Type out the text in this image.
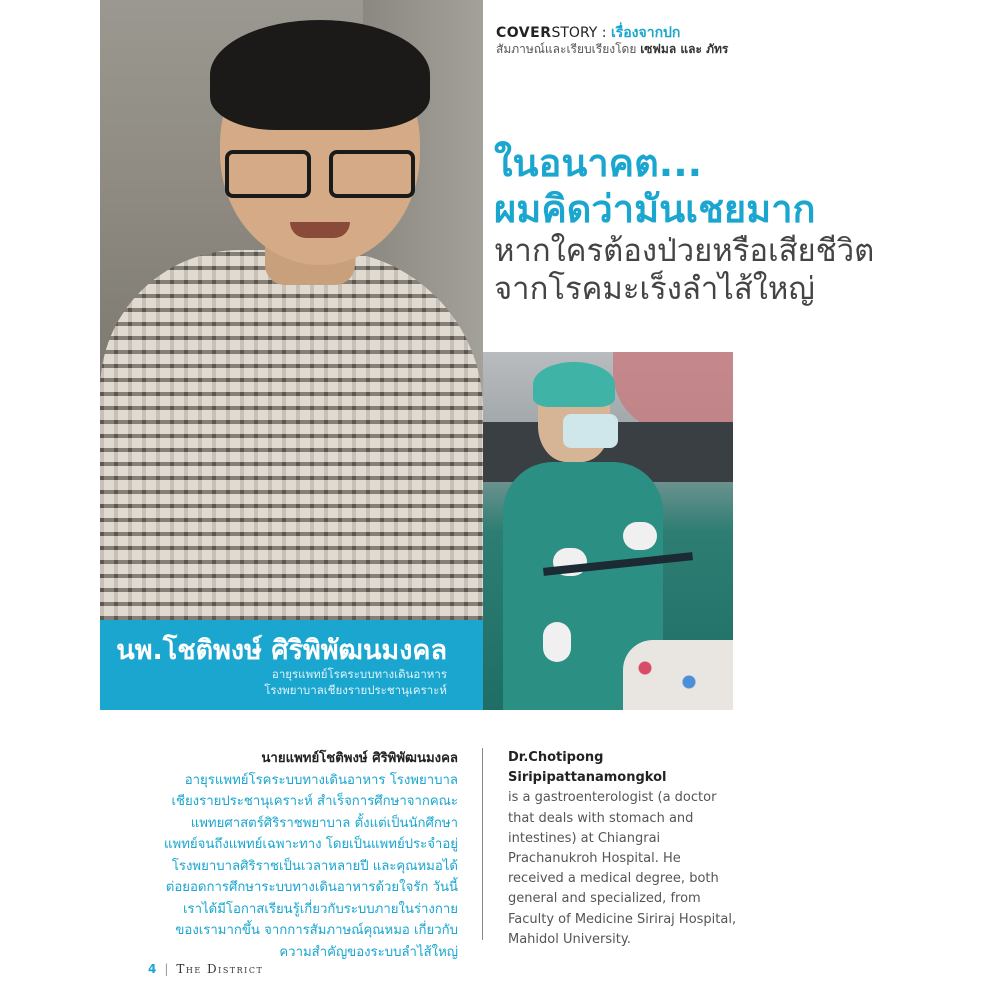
นพ.โชติพงษ์ ศิริพิพัฒนมงคล
อายุรแพทย์โรคระบบทางเดินอาหาร
โรงพยาบาลเชียงรายประชานุเคราะห์
COVERSTORY : เรื่องจากปก
สัมภาษณ์และเรียบเรียงโดย เซฟมล และ ภัทร
ในอนาคต...
ผมคิดว่ามันเชยมาก
หากใครต้องป่วยหรือเสียชีวิต
จากโรคมะเร็งลำไส้ใหญ่
นายแพทย์โชติพงษ์ ศิริพิพัฒนมงคล
อายุรแพทย์โรคระบบทางเดินอาหาร โรงพยาบาลเชียงรายประชานุเคราะห์ สำเร็จการศึกษาจากคณะแพทยศาสตร์ศิริราชพยาบาล ตั้งแต่เป็นนักศึกษาแพทย์จนถึงแพทย์เฉพาะทาง โดยเป็นแพทย์ประจำอยู่โรงพยาบาลศิริราชเป็นเวลาหลายปี และคุณหมอได้ต่อยอดการศึกษาระบบทางเดินอาหารด้วยใจรัก วันนี้เราได้มีโอกาสเรียนรู้เกี่ยวกับระบบภายในร่างกายของเรามากขึ้น จากการสัมภาษณ์คุณหมอ เกี่ยวกับความสำคัญของระบบลำไส้ใหญ่
Dr.Chotipong Siripipattanamongkol
is a gastroenterologist (a doctor that deals with stomach and intestines) at Chiangrai Prachanukroh Hospital. He received a medical degree, both general and specialized, from Faculty of Medicine Siriraj Hospital, Mahidol University.
4 | The District
